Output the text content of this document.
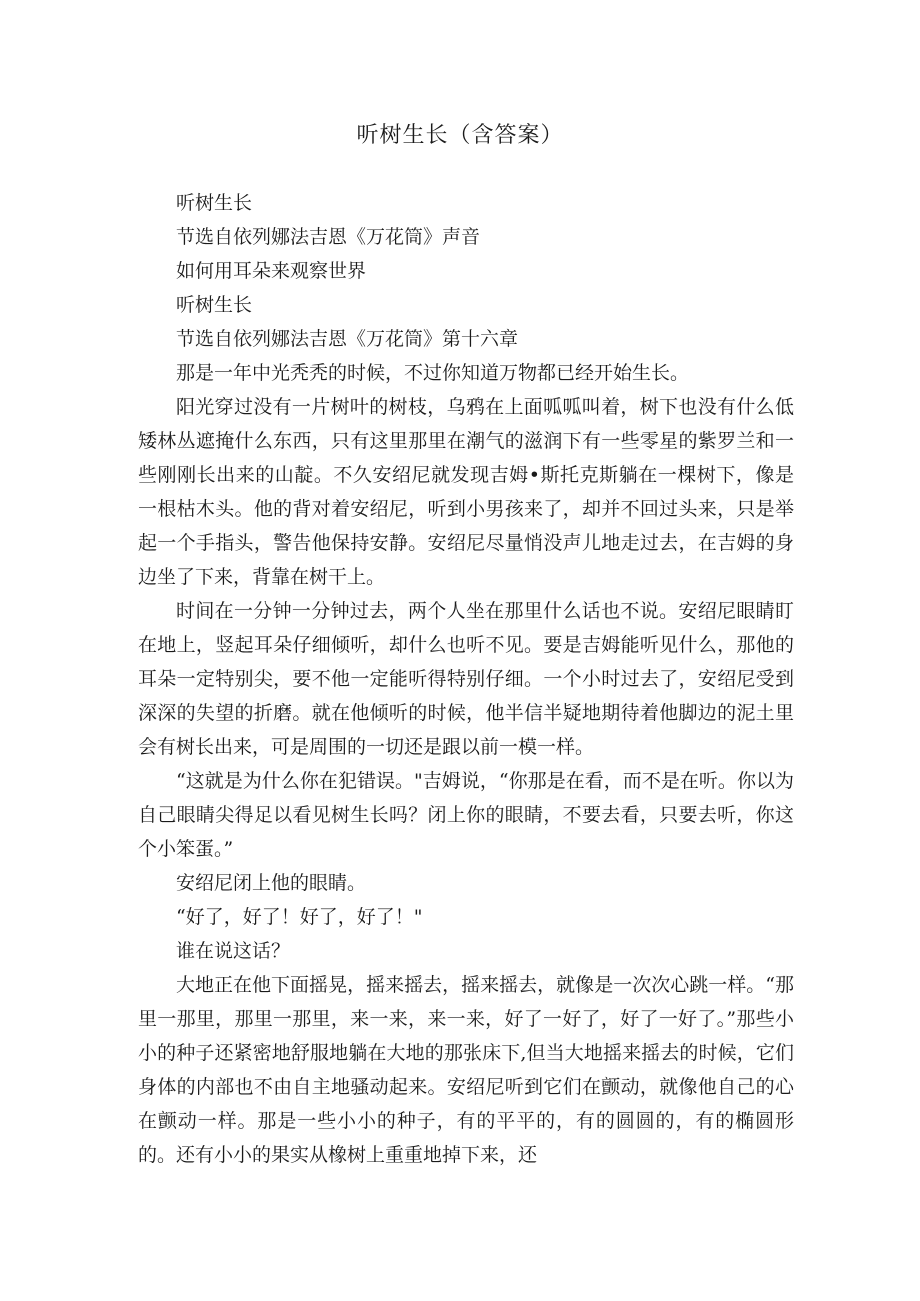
听树生长（含答案）

听树生长

节选自依列娜法吉恩《万花筒》声音

如何用耳朵来观察世界

听树生长

节选自依列娜法吉恩《万花筒》第十六章

那是一年中光秃秃的时候，不过你知道万物都已经开始生长。

阳光穿过没有一片树叶的树枝，乌鸦在上面呱呱叫着，树下也没有什么低矮林丛遮掩什么东西，只有这里那里在潮气的滋润下有一些零星的紫罗兰和一些刚刚长出来的山靛。不久安绍尼就发现吉姆•斯托克斯躺在一棵树下，像是一根枯木头。他的背对着安绍尼，听到小男孩来了，却并不回过头来，只是举起一个手指头，警告他保持安静。安绍尼尽量悄没声儿地走过去，在吉姆的身边坐了下来，背靠在树干上。

时间在一分钟一分钟过去，两个人坐在那里什么话也不说。安绍尼眼睛盯在地上，竖起耳朵仔细倾听，却什么也听不见。要是吉姆能听见什么，那他的耳朵一定特别尖，要不他一定能听得特别仔细。一个小时过去了，安绍尼受到深深的失望的折磨。就在他倾听的时候，他半信半疑地期待着他脚边的泥土里会有树长出来，可是周围的一切还是跟以前一模一样。

“这就是为什么你在犯错误。"吉姆说，“你那是在看，而不是在听。你以为自己眼睛尖得足以看见树生长吗？闭上你的眼睛，不要去看，只要去听，你这个小笨蛋。”

安绍尼闭上他的眼睛。

“好了，好了！好了，好了！"

谁在说这话？

大地正在他下面摇晃，摇来摇去，摇来摇去，就像是一次次心跳一样。“那里一那里，那里一那里，来一来，来一来，好了一好了，好了一好了。”那些小小的种子还紧密地舒服地躺在大地的那张床下,但当大地摇来摇去的时候，它们身体的内部也不由自主地骚动起来。安绍尼听到它们在颤动，就像他自己的心在颤动一样。那是一些小小的种子，有的平平的，有的圆圆的，有的椭圆形的。还有小小的果实从橡树上重重地掉下来，还
